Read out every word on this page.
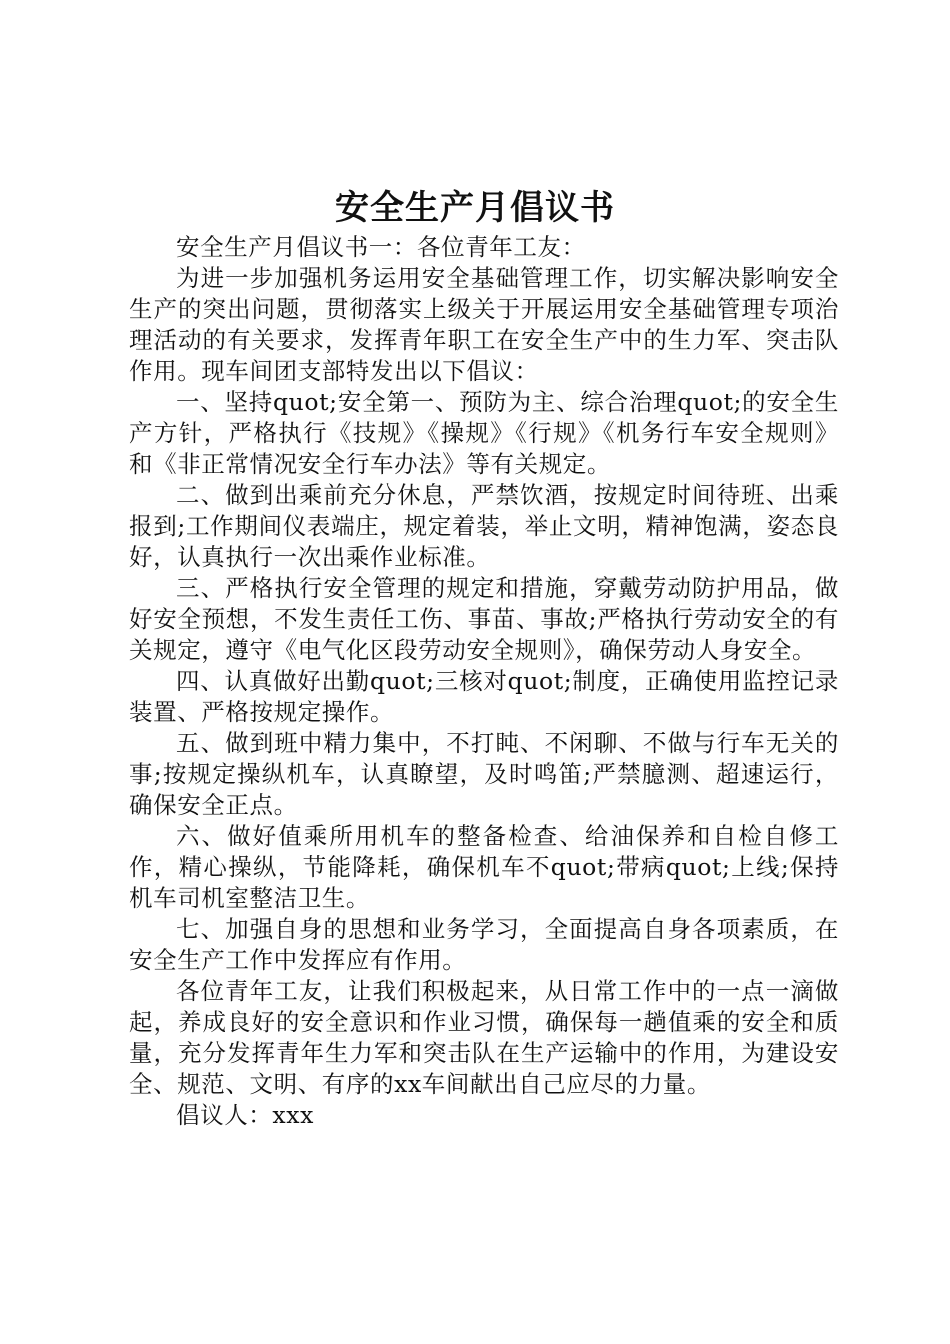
安全生产月倡议书

安全生产月倡议书一：各位青年工友：

为进一步加强机务运用安全基础管理工作，切实解决影响安全生产的突出问题，贯彻落实上级关于开展运用安全基础管理专项治理活动的有关要求，发挥青年职工在安全生产中的生力军、突击队作用。现车间团支部特发出以下倡议：

一、坚持quot;安全第一、预防为主、综合治理quot;的安全生产方针，严格执行《技规》《操规》《行规》《机务行车安全规则》和《非正常情况安全行车办法》等有关规定。

二、做到出乘前充分休息，严禁饮酒，按规定时间待班、出乘报到;工作期间仪表端庄，规定着装，举止文明，精神饱满，姿态良好，认真执行一次出乘作业标准。

三、严格执行安全管理的规定和措施，穿戴劳动防护用品，做好安全预想，不发生责任工伤、事苗、事故;严格执行劳动安全的有关规定，遵守《电气化区段劳动安全规则》，确保劳动人身安全。

四、认真做好出勤quot;三核对quot;制度，正确使用监控记录装置、严格按规定操作。

五、做到班中精力集中，不打盹、不闲聊、不做与行车无关的事;按规定操纵机车，认真瞭望，及时鸣笛;严禁臆测、超速运行，确保安全正点。

六、做好值乘所用机车的整备检查、给油保养和自检自修工作，精心操纵，节能降耗，确保机车不quot;带病quot;上线;保持机车司机室整洁卫生。

七、加强自身的思想和业务学习，全面提高自身各项素质，在安全生产工作中发挥应有作用。

各位青年工友，让我们积极起来，从日常工作中的一点一滴做起，养成良好的安全意识和作业习惯，确保每一趟值乘的安全和质量，充分发挥青年生力军和突击队在生产运输中的作用，为建设安全、规范、文明、有序的xx车间献出自己应尽的力量。

倡议人：xxx
